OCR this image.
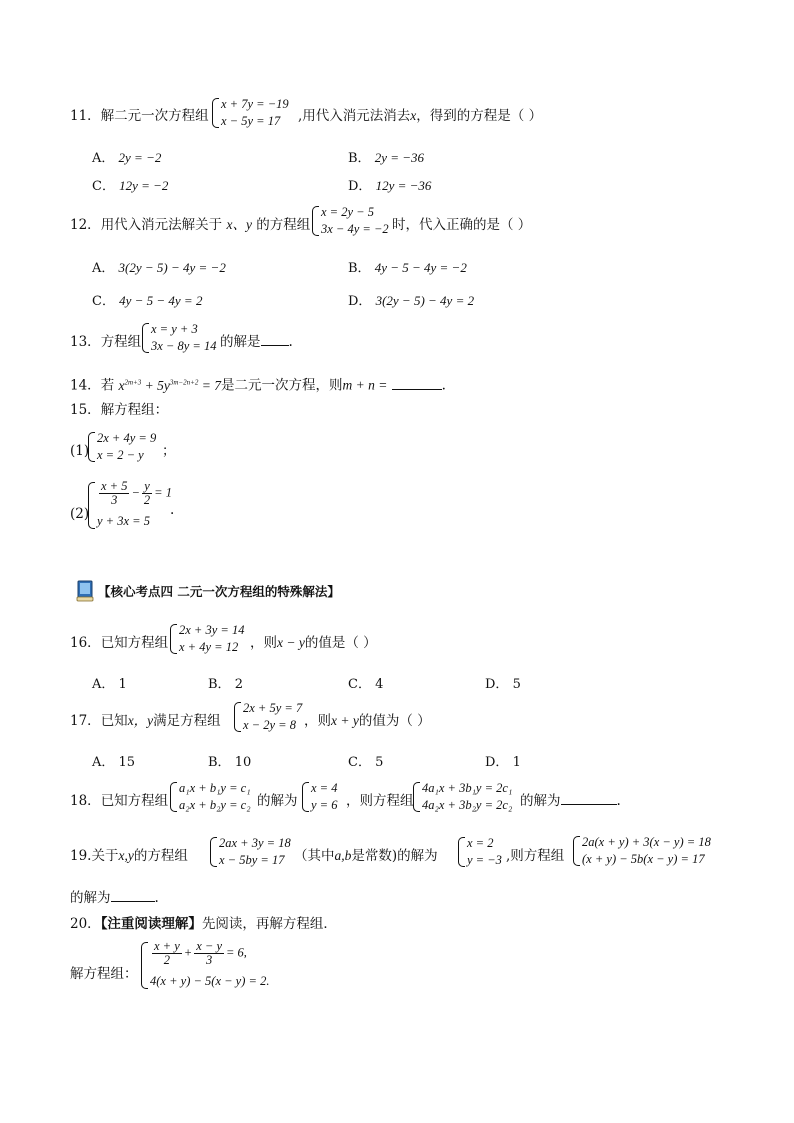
11．解二元一次方程组
x + 7y = −19
x − 5y = 17	,用代入消元法消去x，得到的方程是（ ）
A． 2y = −2	B． 2y = −36
C． 12y = −2	D． 12y = −36
12．用代入消元法解关于 x、y 的方程组
x = 2y − 5
3x − 4y = −2 时，代入正确的是（ ）
A． 3(2y − 5) − 4y = −2	B． 4y − 5 − 4y = −2
C． 4y − 5 − 4y = 2	D． 3(2y − 5) − 4y = 2
13．方程组
x = y + 3
3x − 8y = 14 的解是 .
14．若 $x^{2m+3} + 5y^{3m-2n+2} = 7$是二元一次方程，则m + n =	.
15．解方程组：
(1)
2x + 4y = 9
x = 2 − y	；
(2)
$\frac{x + 5}{3} - \frac{y}{2} = 1$
y + 3x = 5
.
【核心考点四 二元一次方程组的特殊解法】
16．已知方程组
2x + 3y = 14
x + 4y = 12 ，则x − y的值是（ ）
A． 1	B． 2	C． 4	D． 5
17．已知x，y满足方程组
2x + 5y = 7
x − 2y = 8 ，则x + y的值为（ ）
A． 15	B． 10	C． 5	D． 1
18．已知方程组
a₁x + b₁y = c₁
a₂x + b₂y = c₂ 的解为
x = 4
y = 6 ，则方程组
4a₁x + 3b₁y = 2c₁
4a₂x + 3b₂y = 2c₂ 的解为	.
19.关于x,y的方程组
2ax + 3y = 18
x − 5by = 17 （其中a,b是常数)的解为
x = 2
y = −3 ,则方程组
2a(x + y) + 3(x − y) = 18
(x + y) − 5b(x − y) = 17
的解为	.
20．【注重阅读理解】先阅读，再解方程组．
解方程组：
$\frac{x + y}{2} + \frac{x - y}{3} = 6$,
4(x + y) − 5(x − y) = 2.
